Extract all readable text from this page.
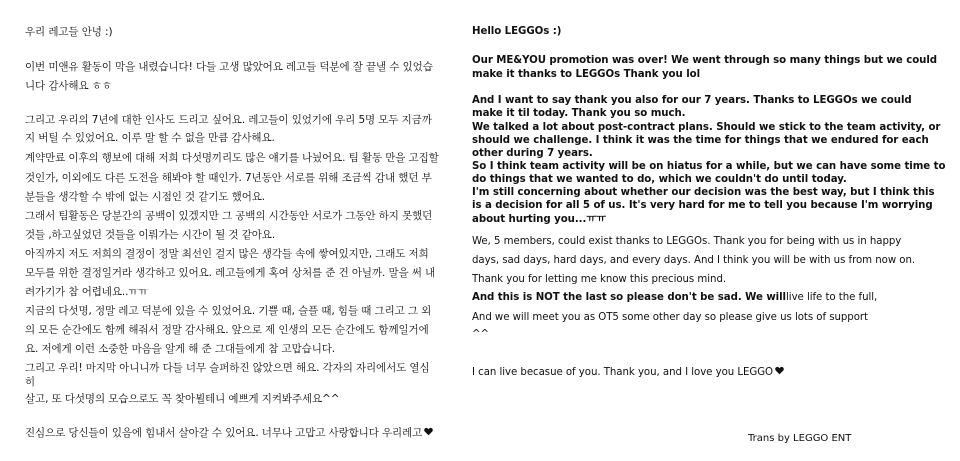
우리 레고들 안녕 :)
이번 미앤유 활동이 막을 내렸습니다! 다들 고생 많았어요 레고들 덕분에 잘 끝낼 수 있었습
니다 감사해요 ㅎㅎ
그리고 우리의 7년에 대한 인사도 드리고 싶어요. 레고들이 있었기에 우리 5명 모두 지금까
지 버틸 수 있었어요. 이루 말 할 수 없을 만큼 감사해요.
계약만료 이후의 행보에 대해 저희 다섯명끼리도 많은 얘기를 나눴어요. 팀 활동 만을 고집할
것인가, 이외에도 다른 도전을 해봐야 할 때인가. 7년동안 서로를 위해 조금씩 감내 했던 부
분들을 생각할 수 밖에 없는 시점인 것 같기도 했어요.
그래서 팀활동은 당분간의 공백이 있겠지만 그 공백의 시간동안 서로가 그동안 하지 못했던
것들 ,하고싶었던 것들을 이뤄가는 시간이 될 것 같아요.
아직까지 저도 저희의 결정이 정말 최선인 걸지 많은 생각들 속에 쌓여있지만, 그래도 저희
모두를 위한 결정일거라 생각하고 있어요. 레고들에게 혹여 상처를 준 건 아닐까. 말을 써 내
려가기가 참 어렵네요..ㅠㅠ
지금의 다섯명, 정말 레고 덕분에 있을 수 있었어요. 기쁠 때, 슬플 때, 힘들 때 그리고 그 외
의 모든 순간에도 함께 해줘서 정말 감사해요. 앞으로 제 인생의 모든 순간에도 함께일거에
요. 저에게 이런 소중한 마음을 알게 해 준 그대들에게 참 고맙습니다.
그리고 우리! 마지막 아니니까 다들 너무 슬퍼하진 않았으면 해요. 각자의 자리에서도 열심
히
살고, 또 다섯명의 모습으로도 꼭 찾아뵐테니 예쁘게 지켜봐주세요^^
진심으로 당신들이 있음에 힘내서 살아갈 수 있어요. 너무나 고맙고 사랑합니다 우리레고
Hello LEGGOs :)
Our ME&YOU promotion was over! We went through so many things but we could
make it thanks to LEGGOs Thank you lol
And I want to say thank you also for our 7 years. Thanks to LEGGOs we could
make it til today. Thank you so much.
We talked a lot about post-contract plans. Should we stick to the team activity, or
should we challenge. I think it was the time for things that we endured for each
other during 7 years.
So I think team activity will be on hiatus for a while, but we can have some time to
do things that we wanted to do, which we couldn't do until today.
I'm still concerning about whether our decision was the best way, but I think this
is a decision for all 5 of us. It's very hard for me to tell you because I'm worrying
about hurting you...ㅠㅠ
We, 5 members, could exist thanks to LEGGOs. Thank you for being with us in happy
days, sad days, hard days, and every days. And I think you will be with us from now on.
Thank you for letting me know this precious mind.
And this is NOT the last so please don't be sad. We willlive life to the full,
And we will meet you as OT5 some other day so please give us lots of support
^^
I can live becasue of you. Thank you, and I love you LEGGO
Trans by LEGGO ENT
